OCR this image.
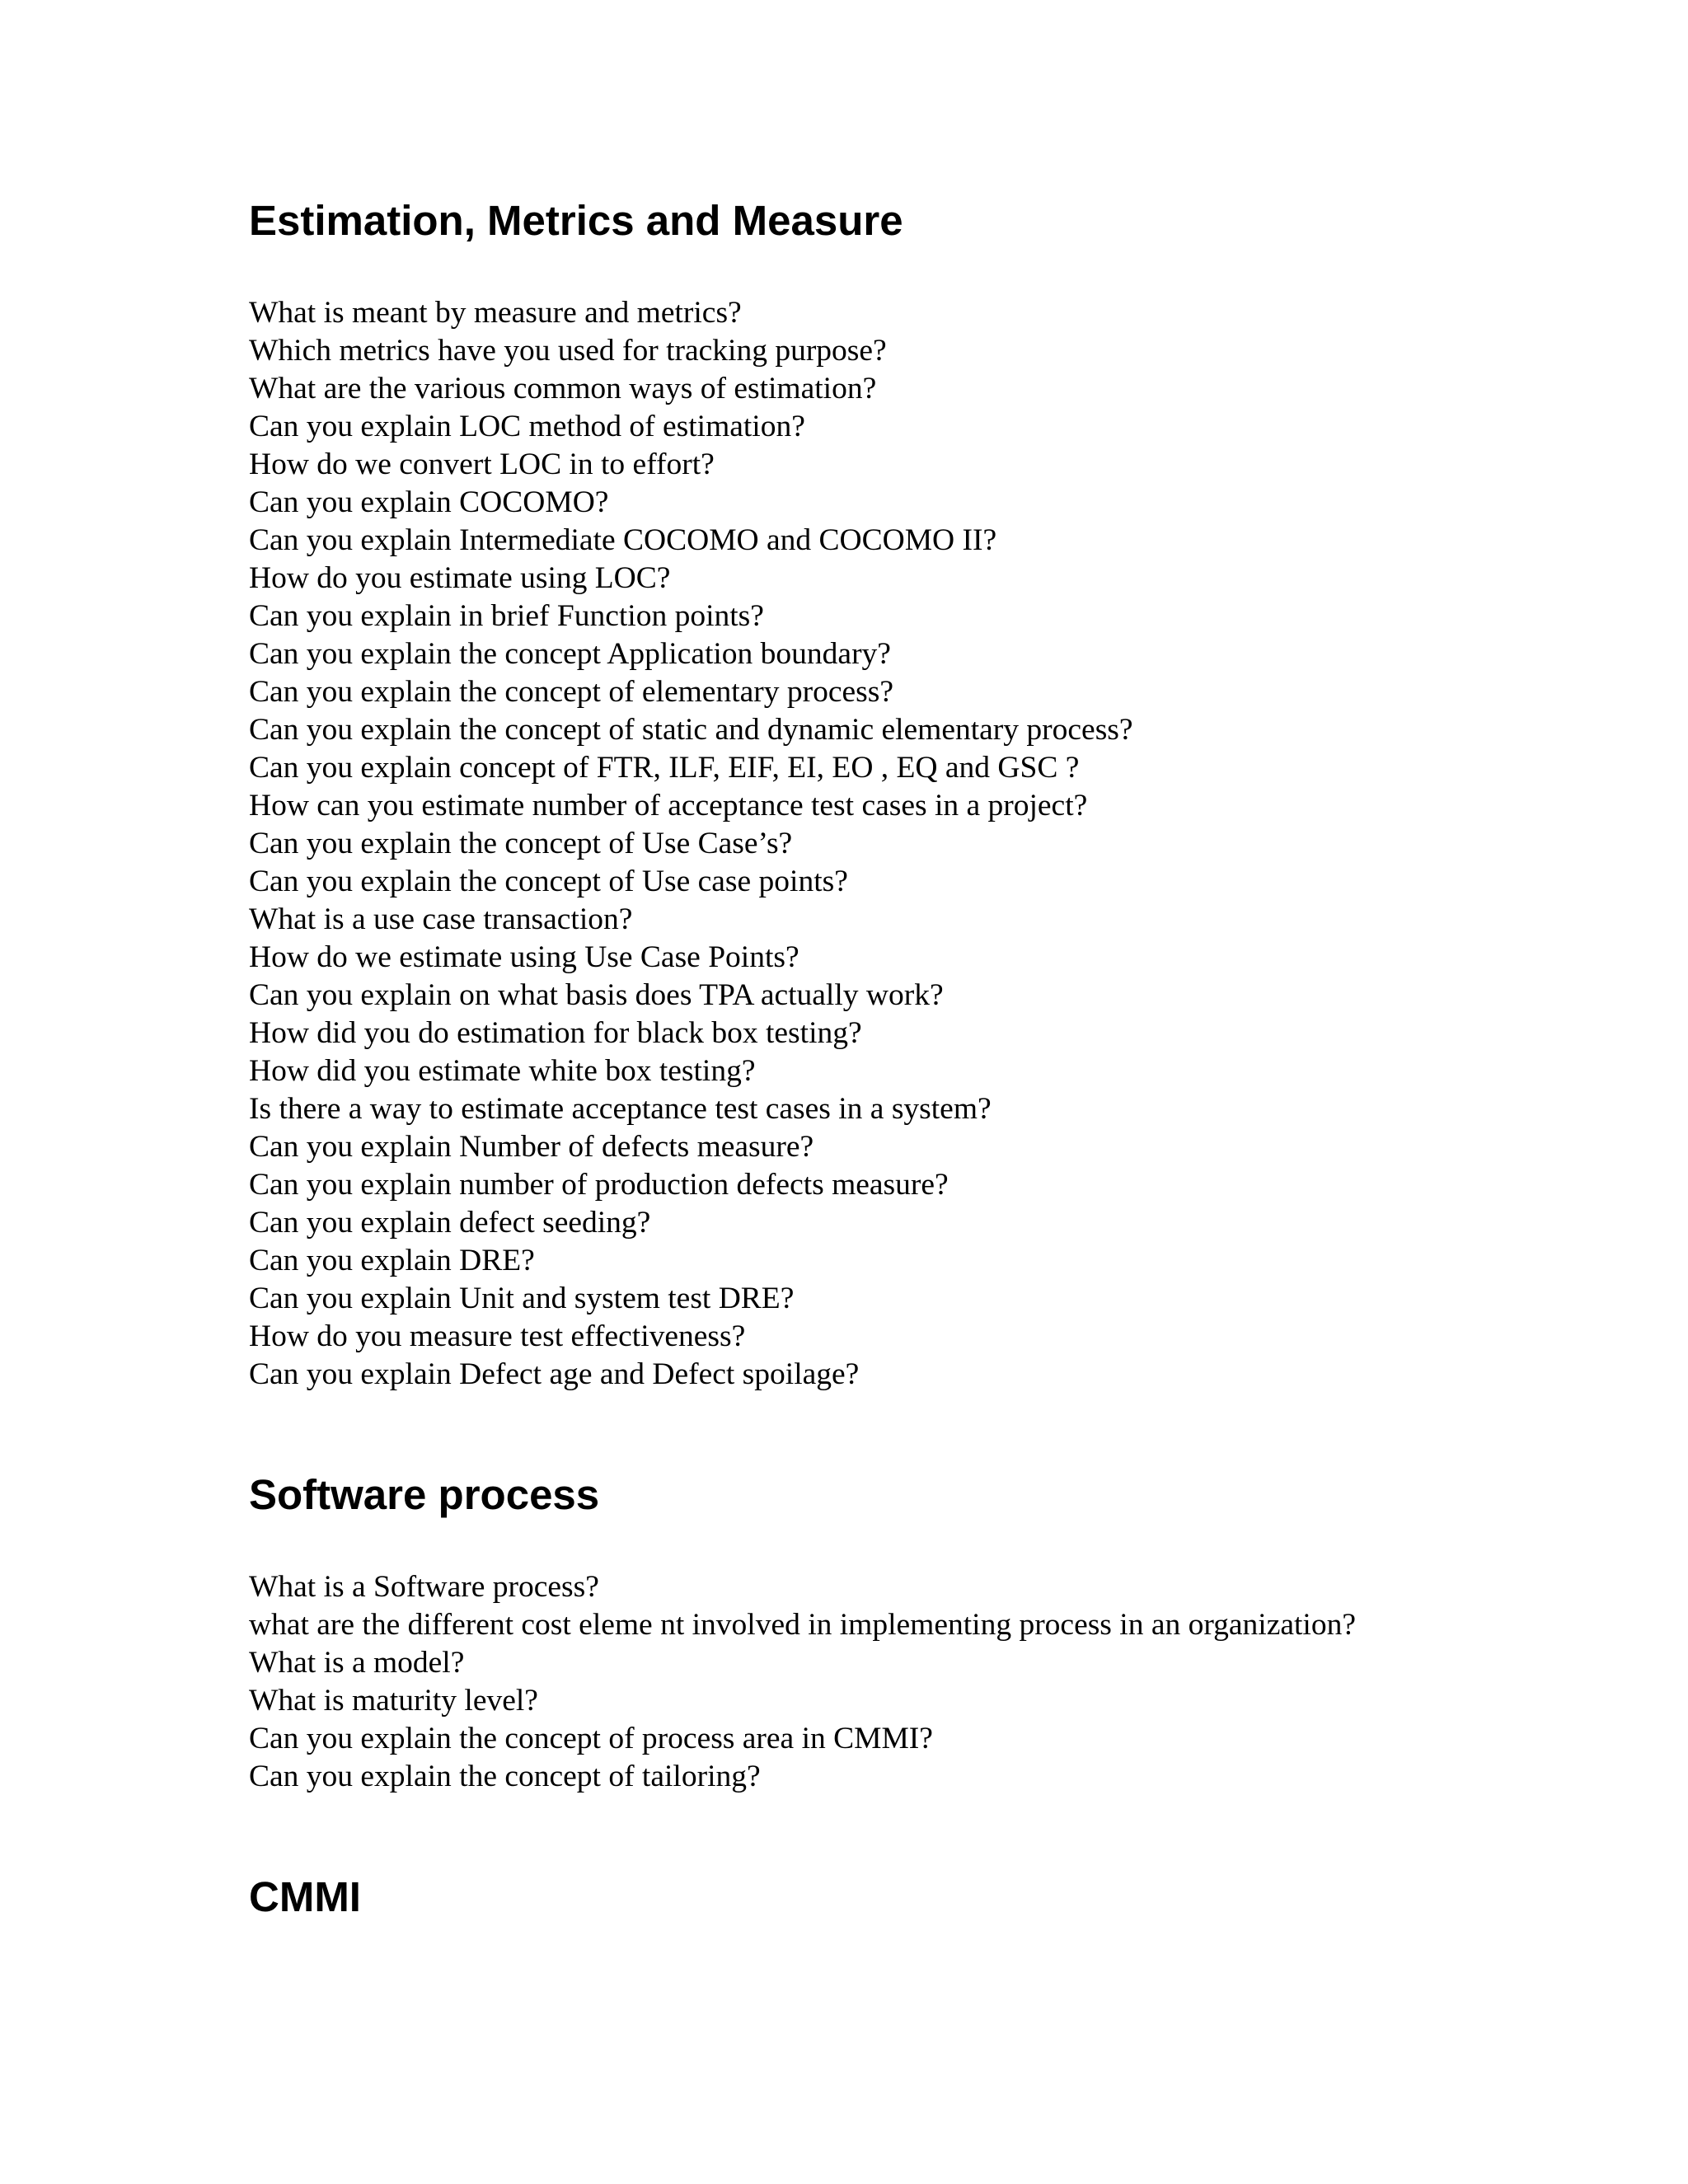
Estimation, Metrics and Measure
What is meant by measure and metrics?
Which metrics have you used for tracking purpose?
What are the various common ways of estimation?
Can you explain LOC method of estimation?
How do we convert LOC in to effort?
Can you explain COCOMO?
Can you explain Intermediate COCOMO and COCOMO II?
How do you estimate using LOC?
Can you explain in brief Function points?
Can you explain the concept Application boundary?
Can you explain the concept of elementary process?
Can you explain the concept of static and dynamic elementary process?
Can you explain concept of FTR, ILF, EIF, EI, EO , EQ and GSC ?
How can you estimate number of acceptance test cases in a project?
Can you explain the concept of Use Case’s?
Can you explain the concept of Use case points?
What is a use case transaction?
How do we estimate using Use Case Points?
Can you explain on what basis does TPA actually work?
How did you do estimation for black box testing?
How did you estimate white box testing?
Is there a way to estimate acceptance test cases in a system?
Can you explain Number of defects measure?
Can you explain number of production defects measure?
Can you explain defect seeding?
Can you explain DRE?
Can you explain Unit and system test DRE?
How do you measure test effectiveness?
Can you explain Defect age and Defect spoilage?
Software process
What is a Software process?
what are the different cost eleme nt involved in implementing process in an organization?
What is a model?
What is maturity level?
Can you explain the concept of process area in CMMI?
Can you explain the concept of tailoring?
CMMI
